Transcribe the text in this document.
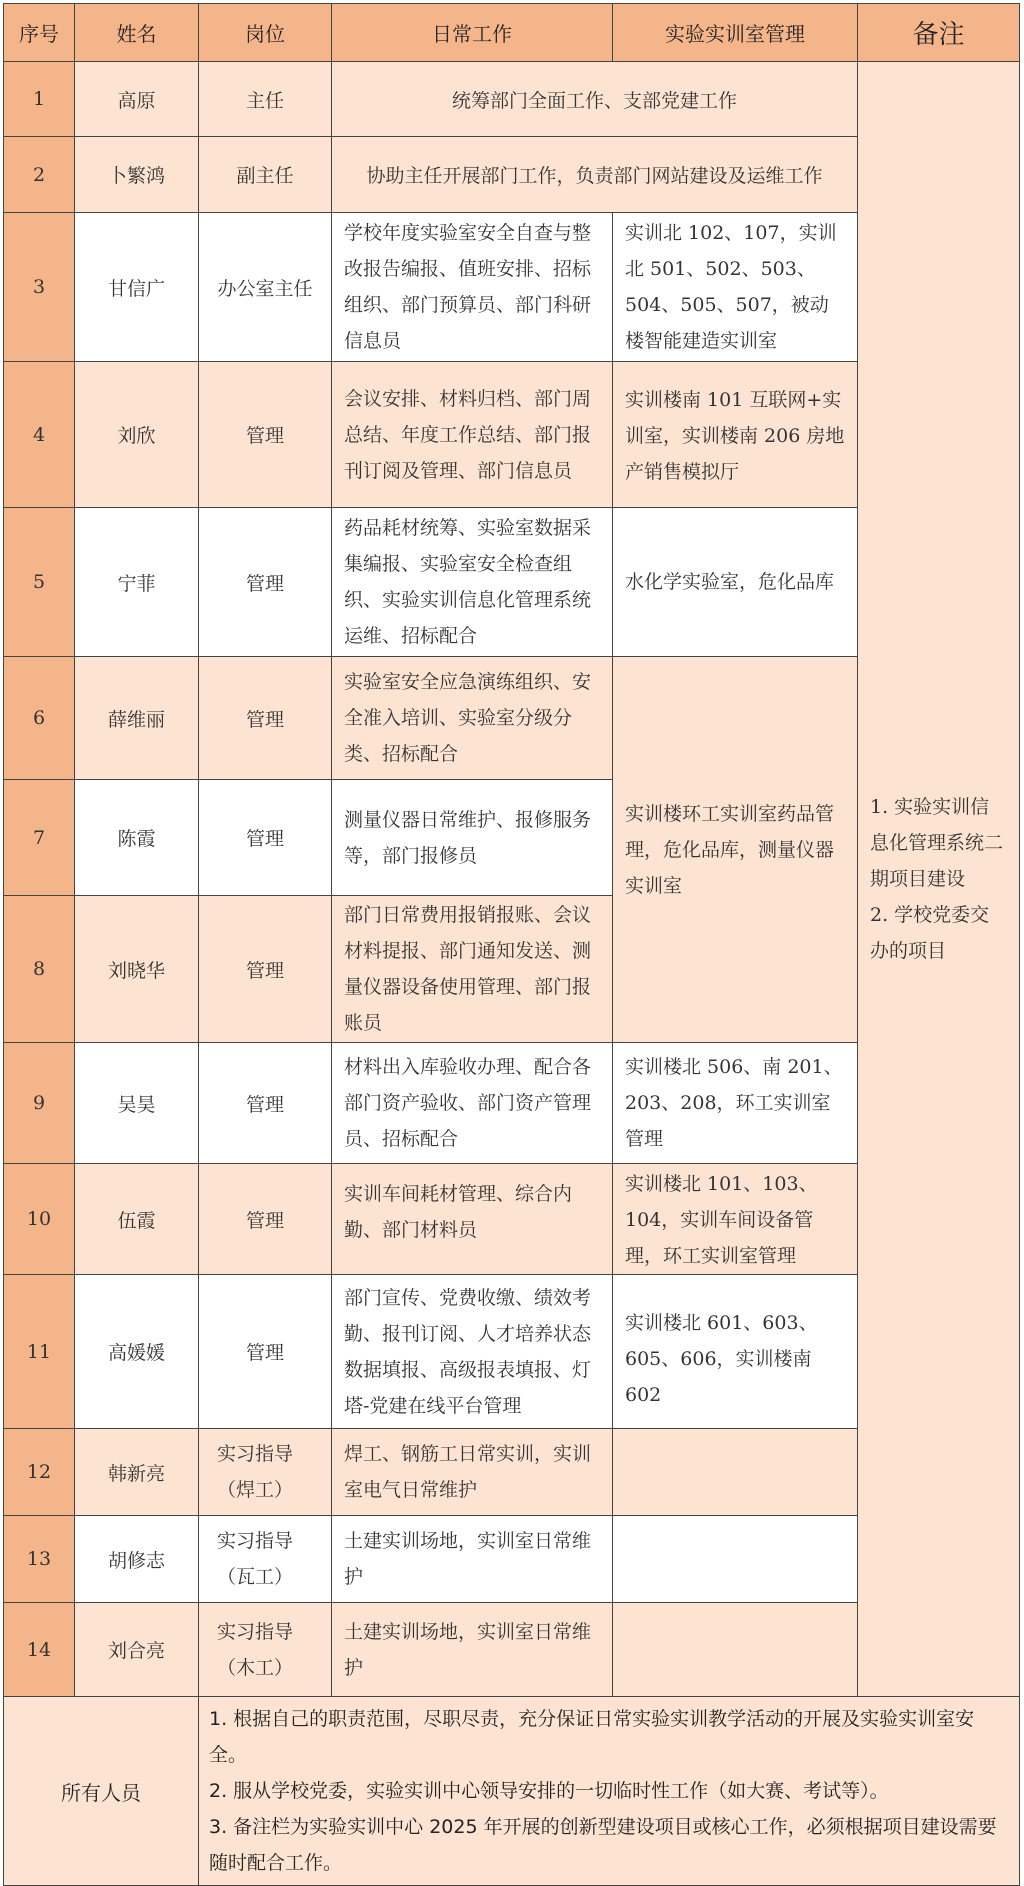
序号	姓名	岗位	日常工作	实验实训室管理	备注
1	高原	主任	统筹部门全面工作、支部党建工作		1. 实验实训信息化管理系统二期项目建设
2. 学校党委交办的项目

2	卜繁鸿	副主任	协助主任开展部门工作，负责部门网站建设及运维工作		
3	甘信广	办公室主任	学校年度实验室安全自查与整改报告编报、值班安排、招标组织、部门预算员、部门科研信息员	实训北 102、107，实训北 501、502、503、504、505、507，被动楼智能建造实训室	
4	刘欣	管理	会议安排、材料归档、部门周总结、年度工作总结、部门报刊订阅及管理、部门信息员	实训楼南 101 互联网+实训室，实训楼南 206 房地产销售模拟厅	
5	宁菲	管理	药品耗材统筹、实验室数据采集编报、实验室安全检查组织、实验实训信息化管理系统运维、招标配合	水化学实验室，危化品库	
6	薛维丽	管理	实验室安全应急演练组织、安全准入培训、实验室分级分类、招标配合	实训楼环工实训室药品管理，危化品库，测量仪器实训室	
7	陈霞	管理	测量仪器日常维护、报修服务等，部门报修员		
8	刘晓华	管理	部门日常费用报销报账、会议材料提报、部门通知发送、测量仪器设备使用管理、部门报账员		
9	吴昊	管理	材料出入库验收办理、配合各部门资产验收、部门资产管理员、招标配合	实训楼北 506、南 201、203、208，环工实训室管理	
10	伍霞	管理	实训车间耗材管理、综合内勤、部门材料员	实训楼北 101、103、104，实训车间设备管理，环工实训室管理	
11	高媛媛	管理	部门宣传、党费收缴、绩效考勤、报刊订阅、人才培养状态数据填报、高级报表填报、灯塔-党建在线平台管理	实训楼北 601、603、605、606，实训楼南 602	
12	韩新亮	实习指导（焊工）	焊工、钢筋工日常实训，实训室电气日常维护		
13	胡修志	实习指导（瓦工）	土建实训场地，实训室日常维护		
14	刘合亮	实习指导（木工）	土建实训场地，实训室日常维护		
所有人员		1. 根据自己的职责范围，尽职尽责，充分保证日常实验实训教学活动的开展及实验实训室安全。

2. 服从学校党委，实验实训中心领导安排的一切临时性工作（如大赛、考试等）。

3. 备注栏为实验实训中心 2025 年开展的创新型建设项目或核心工作，必须根据项目建设需要随时配合工作。			
